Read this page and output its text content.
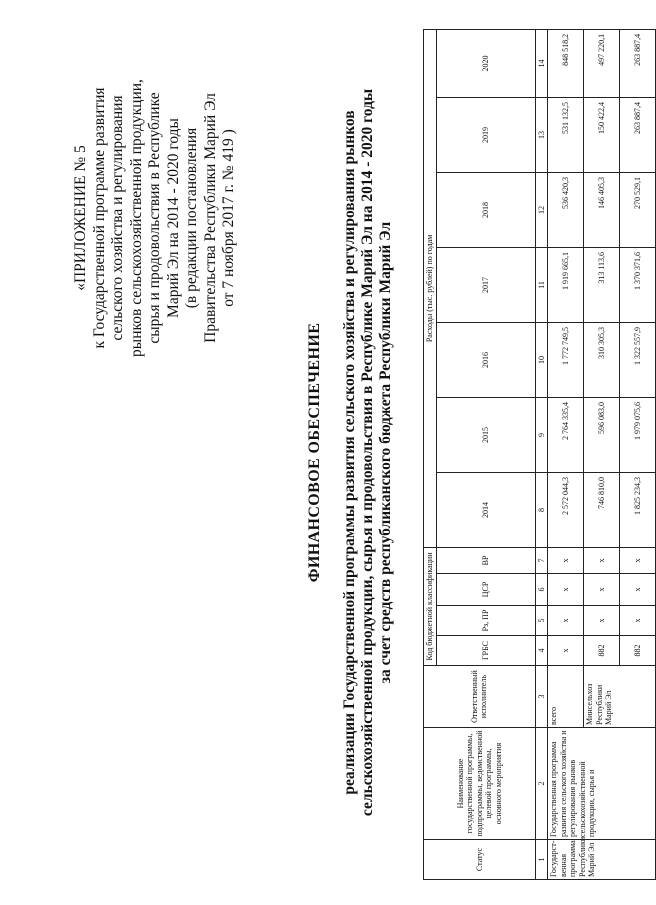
«ПРИЛОЖЕНИЕ № 5 к Государственной программе развития сельского хозяйства и регулирования рынков сельскохозяйственной продукции, сырья и продовольствия в Республике Марий Эл на 2014 - 2020 годы (в редакции постановления Правительства Республики Марий Эл от 7 ноября 2017 г. № 419 )
ФИНАНСОВОЕ ОБЕСПЕЧЕНИЕ реализации Государственной программы развития сельского хозяйства и регулирования рынков сельскохозяйственной продукции, сырья и продовольствия в Республике Марий Эл на 2014 - 2020 годы за счет средств республиканского бюджета Республики Марий Эл
Статус	Наименование государственной программы, подпрограммы, ведомственной целевой программы, основного мероприятия	Ответственный исполнитель	Код бюджетной классификации				Расходы (тыс. рублей) по годам						
			ГРБС	Рз, ПР	ЦСР	ВР	2014	2015	2016	2017	2018	2019	2020
1	2	3	4	5	6	7	8	9	10	11	12	13	14
Государст- венная программа Республики Марий Эл	Государственная программа развития сельского хозяйства и регулирования рынков сельскохозяйственной продукции, сырья и	всего	x	x	x	x	2 572 044,3	2 764 335,4	1 772 749,5	1 919 665,1	536 420,3	531 132,5	848 518,2
		Минсельхоз Республики Марий Эл	882	x	x	x	746 810,0	596 083,0	310 305,3	313 113,6	146 405,3	150 422,4	497 220,1
			882	x	x	x	1 825 234,3	1 979 075,6	1 322 557,9	1 370 371,6	270 529,1	263 887,4	263 887,4
